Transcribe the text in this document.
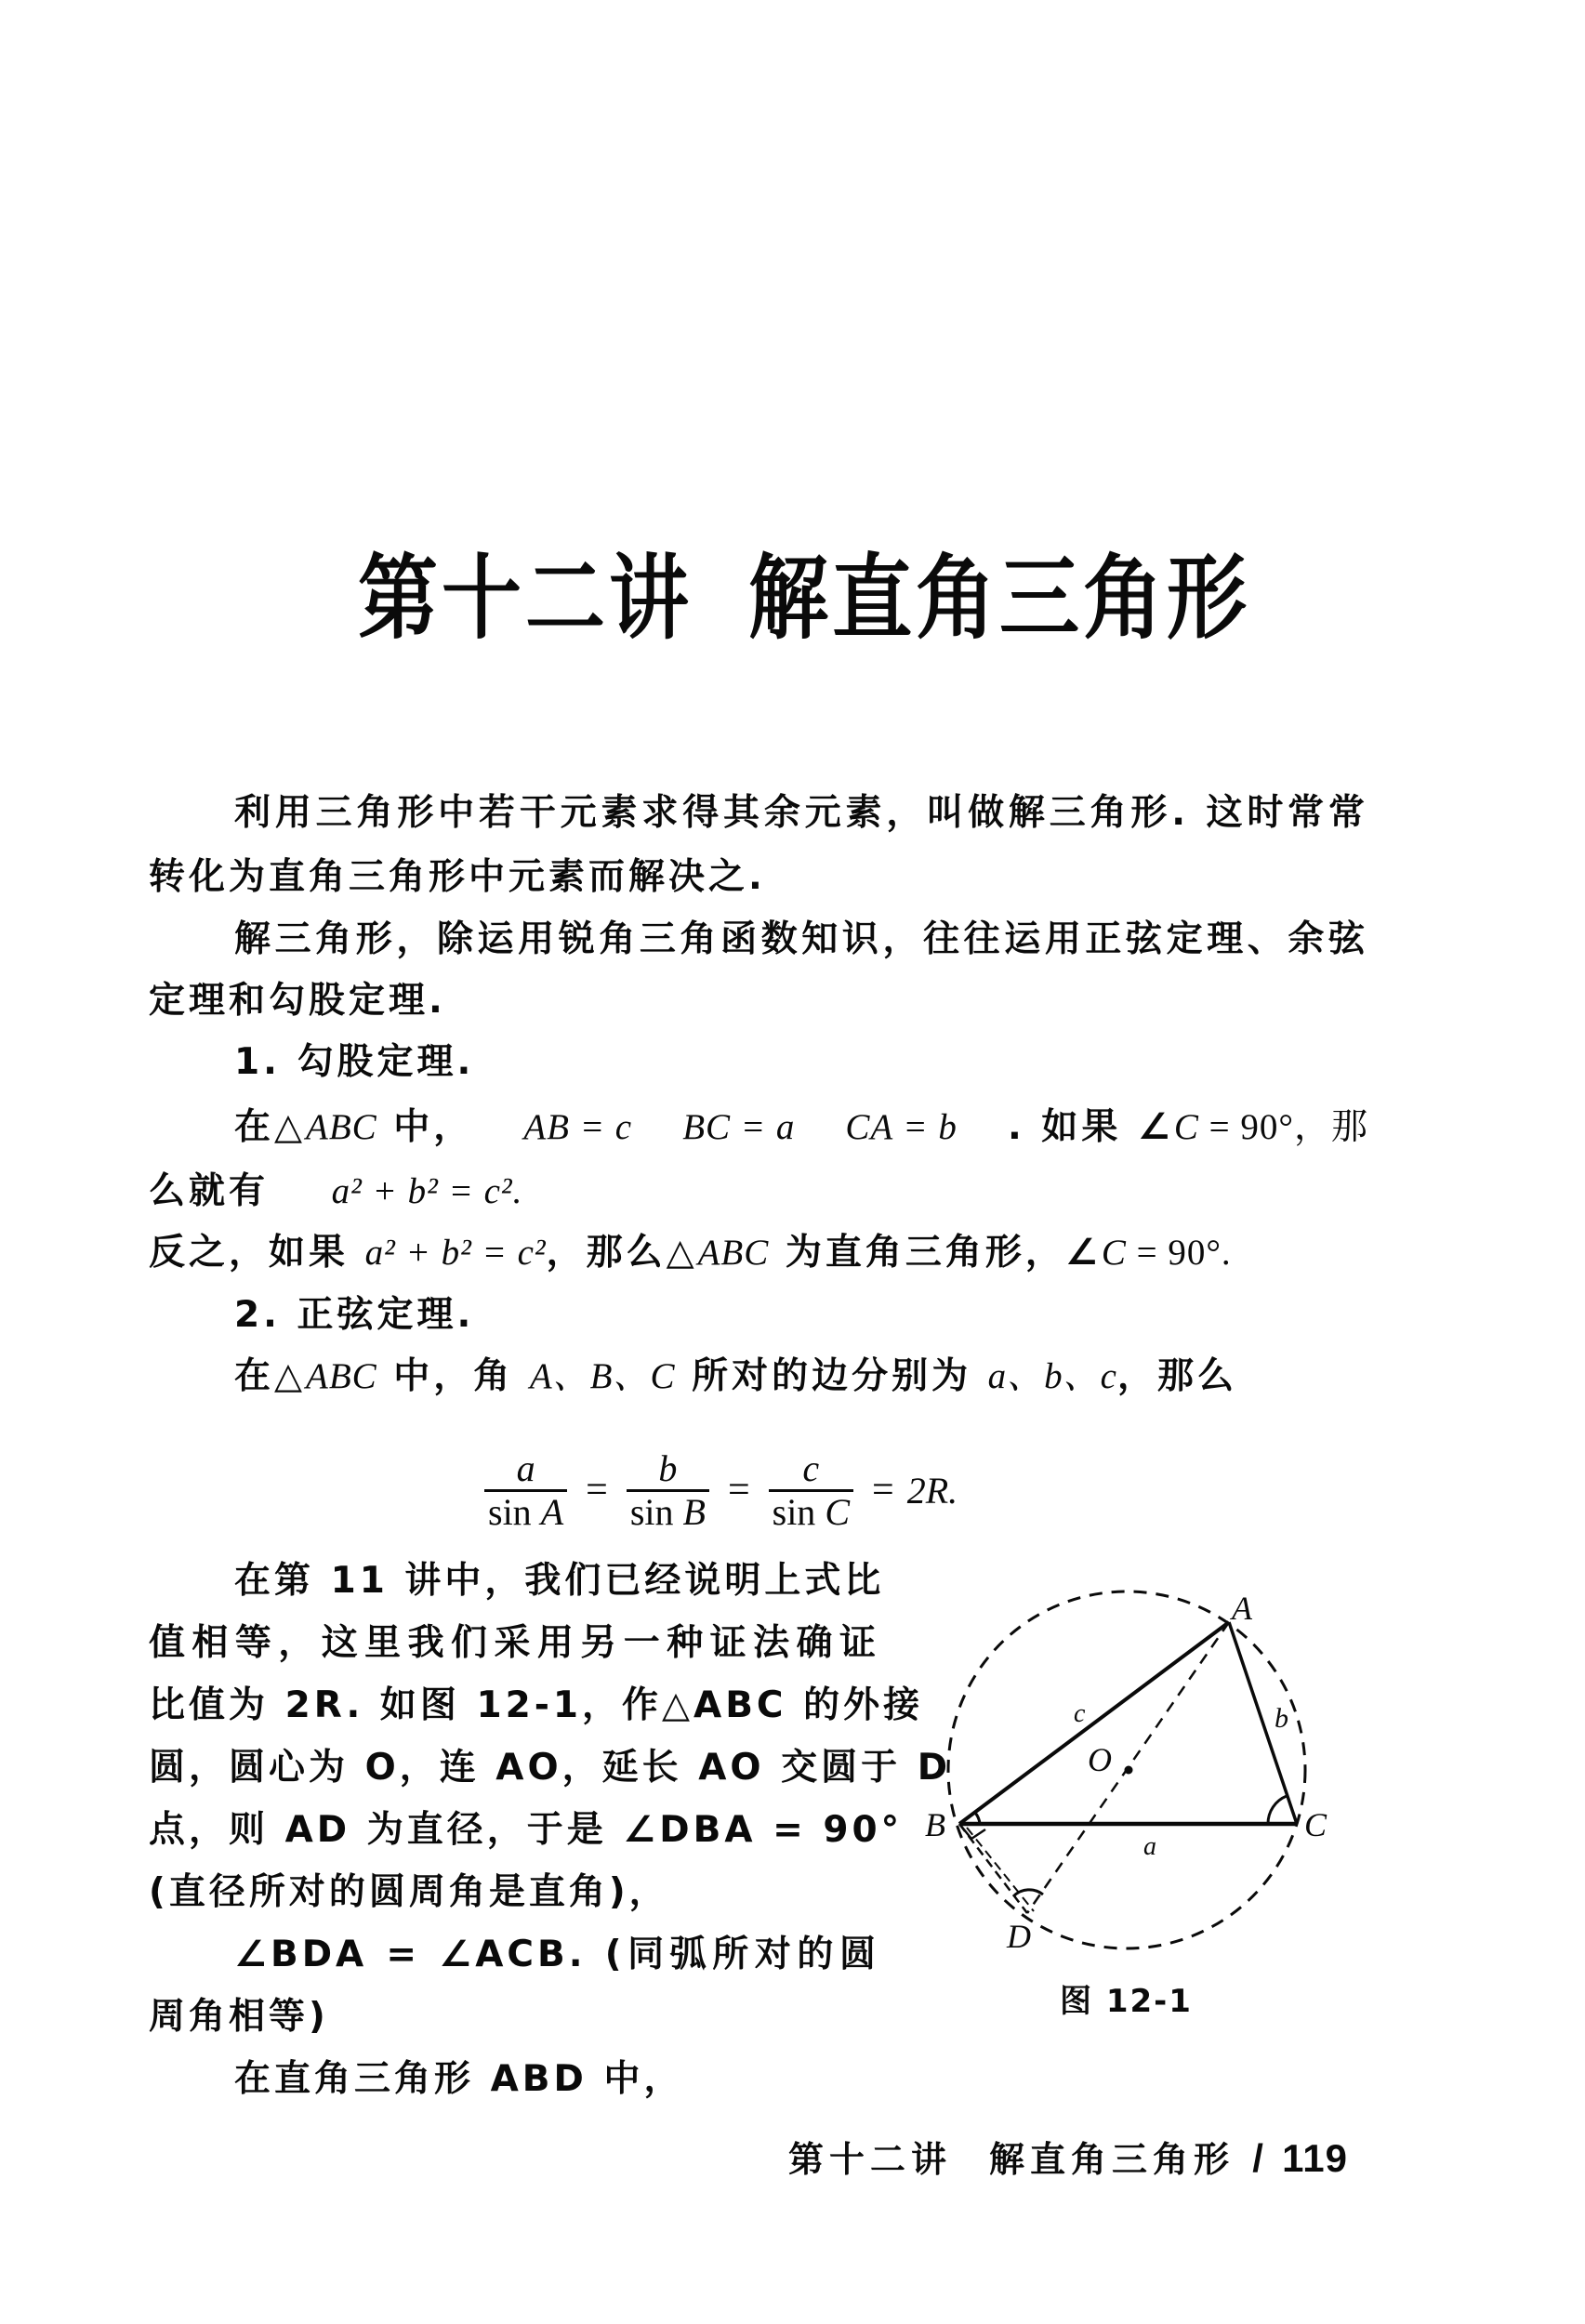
第十二讲 解直角三角形
利用三角形中若干元素求得其余元素，叫做解三角形. 这时常常
转化为直角三角形中元素而解决之.
解三角形，除运用锐角三角函数知识，往往运用正弦定理、余弦
定理和勾股定理.
1. 勾股定理.
在△ABC 中， AB = c BC = a CA = b . 如果 ∠C = 90°，那
么就有 a² + b² = c².
反之，如果 a² + b² = c²，那么△ABC 为直角三角形，∠C = 90°.
2. 正弦定理.
在△ABC 中，角 A、B、C 所对的边分别为 a、b、c，那么
$\frac{a}{\text{sin A}} = \frac{b}{\text{sin B}} = \frac{c}{\text{sin C}} = 2R$.
在第 11 讲中，我们已经说明上式比
值相等，这里我们采用另一种证法确证
比值为 2R. 如图 12-1，作△ABC 的外接
圆，圆心为 O，连 AO，延长 AO 交圆于 D
点，则 AD 为直径，于是 ∠DBA = 90°
(直径所对的圆周角是直角)，
∠BDA = ∠ACB. (同弧所对的圆
周角相等)
在直角三角形 ABD 中，
A
B	C
D
O
a
b
c
图 12-1
第十二讲 解直角三角形 / 119
